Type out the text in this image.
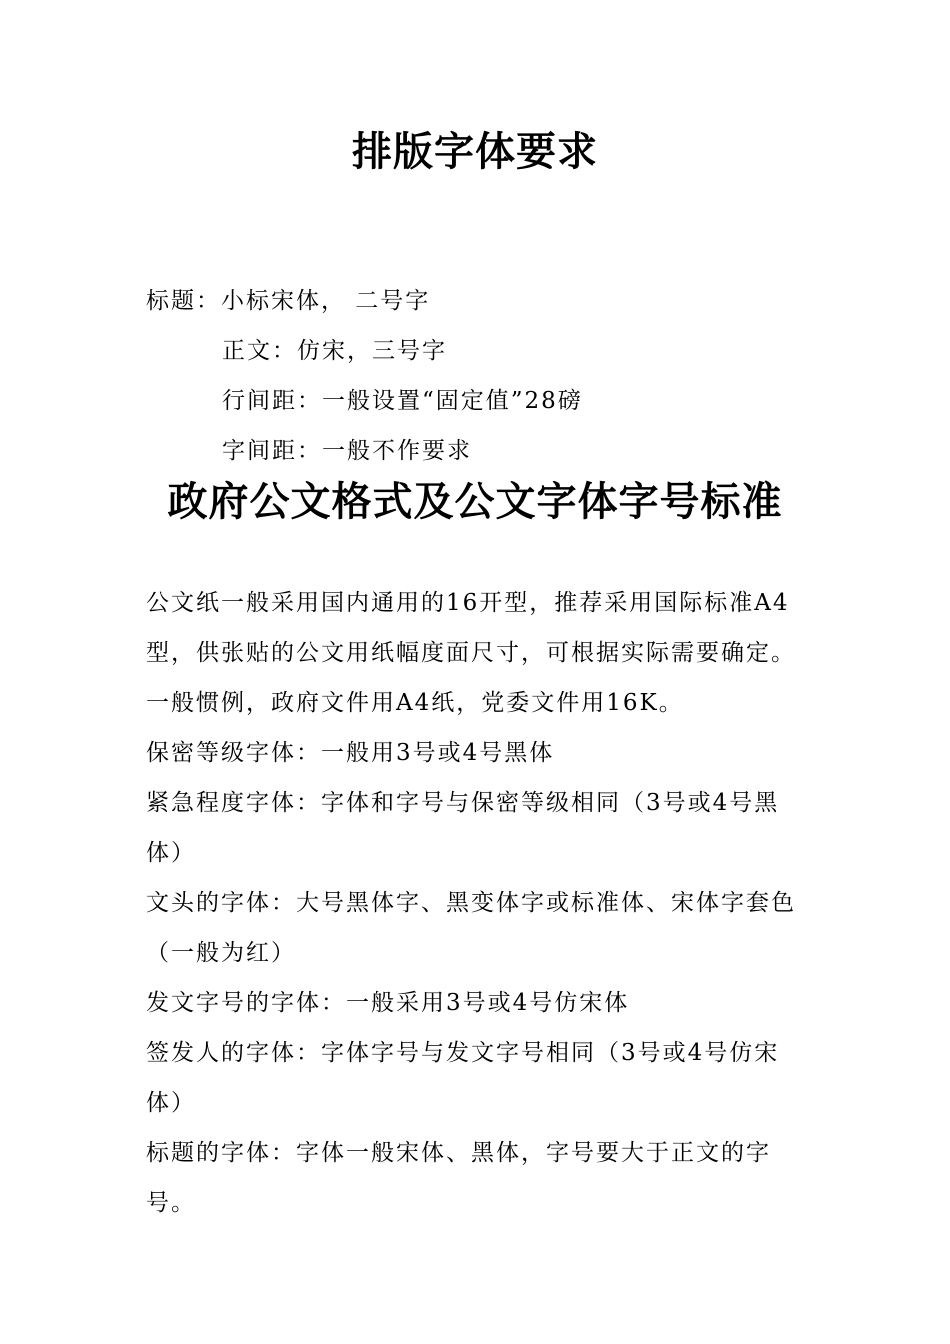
排版字体要求
标题：小标宋体， 二号字
正文：仿宋，三号字
行间距：一般设置“固定值”28磅
字间距：一般不作要求
政府公文格式及公文字体字号标准

公文纸一般采用国内通用的16开型，推荐采用国际标准A4型，供张贴的公文用纸幅度面尺寸，可根据实际需要确定。一般惯例，政府文件用A4纸，党委文件用16K。

保密等级字体：一般用3号或4号黑体

紧急程度字体：字体和字号与保密等级相同（3号或4号黑体）

文头的字体：大号黑体字、黑变体字或标准体、宋体字套色（一般为红）

发文字号的字体：一般采用3号或4号仿宋体

签发人的字体：字体字号与发文字号相同（3号或4号仿宋体）

标题的字体：字体一般宋体、黑体，字号要大于正文的字号。
